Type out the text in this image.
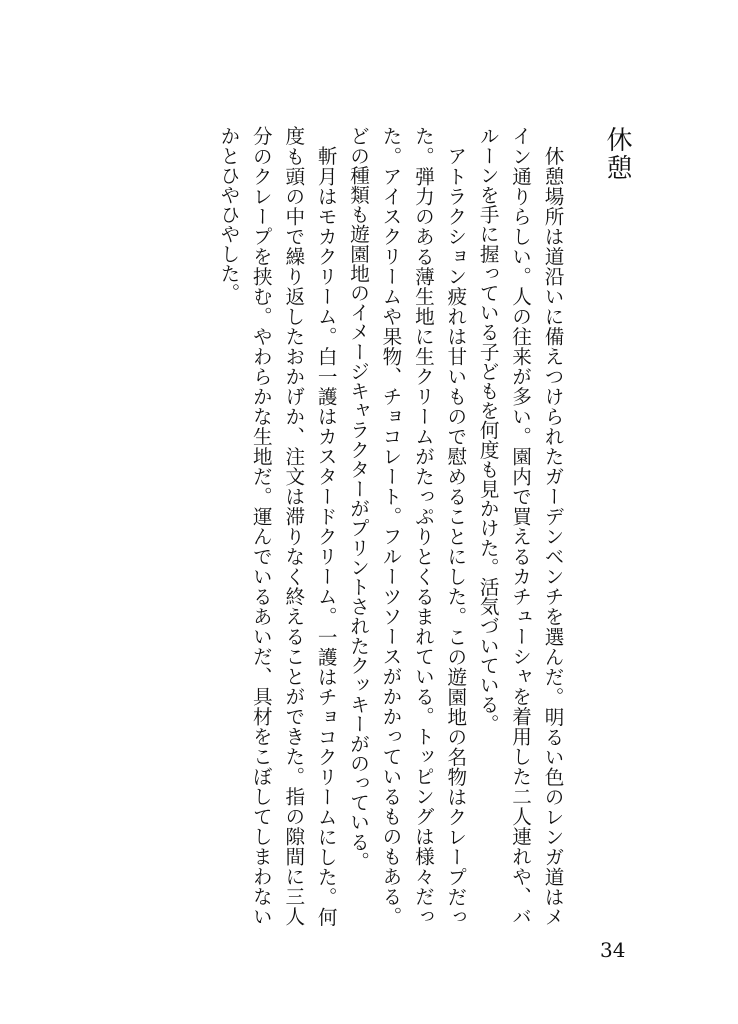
休憩

休憩場所は道沿いに備えつけられたガーデンベンチを選んだ。明るい色のレンガ道はメイン通りらしい。人の往来が多い。園内で買えるカチューシャを着用した二人連れや、バルーンを手に握っている子どもを何度も見かけた。活気づいている。

アトラクション疲れは甘いもので慰めることにした。この遊園地の名物はクレープだった。弾力のある薄生地に生クリームがたっぷりとくるまれている。トッピングは様々だった。アイスクリームや果物、チョコレート。フルーツソースがかかっているものもある。どの種類も遊園地のイメージキャラクターがプリントされたクッキーがのっている。

斬月はモカクリーム。白一護はカスタードクリーム。一護はチョコクリームにした。何度も頭の中で繰り返したおかげか、注文は滞りなく終えることができた。指の隙間に三人分のクレープを挟む。やわらかな生地だ。運んでいるあいだ、具材をこぼしてしまわないかとひやひやした。

34
